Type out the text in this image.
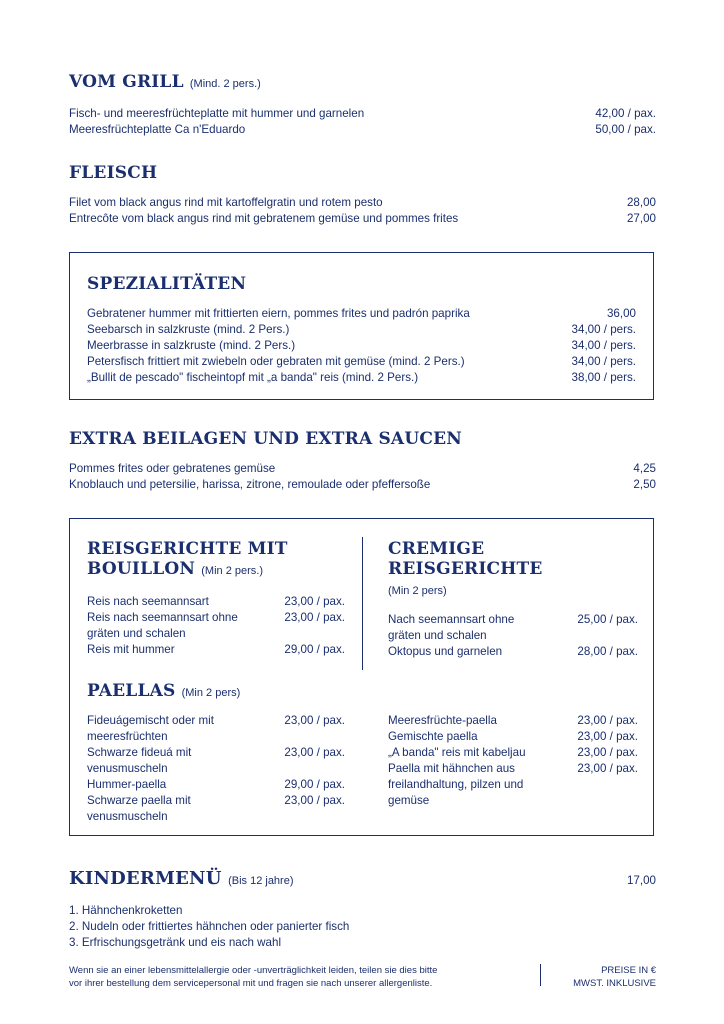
VOM GRILL (Mind. 2 pers.)
Fisch- und meeresfrüchteplatte mit hummer und garnelen	42,00 / pax.
Meeresfrüchteplatte Ca n'Eduardo	50,00 / pax.
FLEISCH
Filet vom black angus rind mit kartoffelgratin und rotem pesto	28,00
Entrecôte vom black angus rind mit gebratenem gemüse und pommes frites	27,00
SPEZIALITÄTEN
Gebratener hummer mit frittierten eiern, pommes frites und padrón paprika	36,00
Seebarsch in salzkruste (mind. 2 Pers.)	34,00 / pers.
Meerbrasse in salzkruste (mind. 2 Pers.)	34,00 / pers.
Petersfisch frittiert mit zwiebeln oder gebraten mit gemüse (mind. 2 Pers.)	34,00 / pers.
„Bullit de pescado" fischeintopf mit „a banda" reis (mind. 2 Pers.)	38,00 / pers.
EXTRA BEILAGEN UND EXTRA SAUCEN
Pommes frites oder gebratenes gemüse	4,25
Knoblauch und petersilie, harissa, zitrone, remoulade oder pfeffersoße	2,50
REISGERICHTE MIT
BOUILLON (Min 2 pers.)
Reis nach seemannsart	23,00 / pax.
Reis nach seemannsart ohne gräten und schalen
23,00 / pax.
Reis mit hummer	29,00 / pax.
CREMIGE REISGERICHTE
(Min 2 pers)
Nach seemannsart ohne gräten und schalen
25,00 / pax.
Oktopus und garnelen	28,00 / pax.
PAELLAS (Min 2 pers)
Fideuágemischt oder mit meeresfrüchten
23,00 / pax.
Schwarze fideuá mit venusmuscheln
23,00 / pax.
Hummer-paella	29,00 / pax.
Schwarze paella mit venusmuscheln
23,00 / pax.
Meeresfrüchte-paella	23,00 / pax.
Gemischte paella	23,00 / pax.
„A banda" reis mit kabeljau	23,00 / pax.
Paella mit hähnchen aus freilandhaltung, pilzen und gemüse
23,00 / pax.
KINDERMENÜ (Bis 12 jahre)	17,00
1. Hähnchenkroketten
2. Nudeln oder frittiertes hähnchen oder panierter fisch
3. Erfrischungsgetränk und eis nach wahl
Wenn sie an einer lebensmittelallergie oder -unverträglichkeit leiden, teilen sie dies bitte
vor ihrer bestellung dem servicepersonal mit und fragen sie nach unserer allergenliste.
PREISE IN €
MWST. INKLUSIVE
